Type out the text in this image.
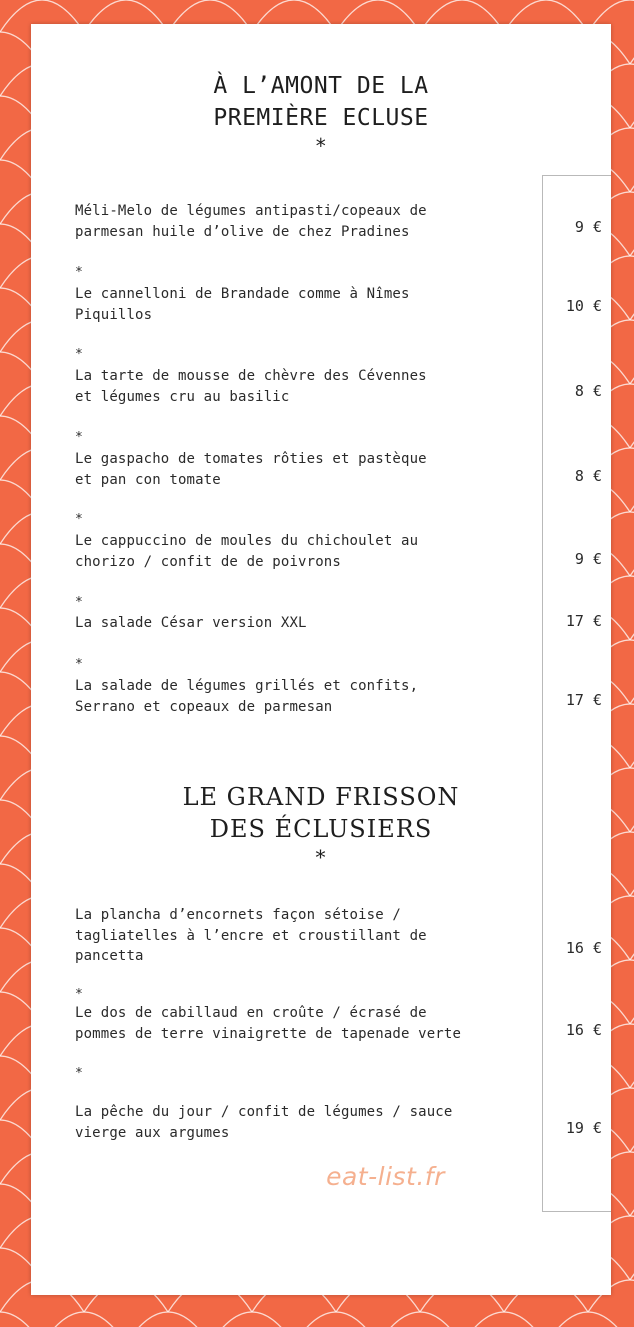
À L’AMONT DE LA
PREMIÈRE ECLUSE
*
Méli-Melo de légumes antipasti/copeaux de
parmesan huile d’olive de chez Pradines	9 €
*
Le cannelloni de Brandade comme à Nîmes
Piquillos	10 €
*
La tarte de mousse de chèvre des Cévennes
et légumes cru au basilic	8 €
*
Le gaspacho de tomates rôties et pastèque
et pan con tomate	8 €
*
Le cappuccino de moules du chichoulet au
chorizo / confit de de poivrons	9 €
*
La salade César version XXL	17 €
*
La salade de légumes grillés et confits,
Serrano et copeaux de parmesan	17 €
LE GRAND FRISSON
DES ÉCLUSIERS
*
La plancha d’encornets façon sétoise /
tagliatelles à l’encre et croustillant de
pancetta	16 €
*
Le dos de cabillaud en croûte / écrasé de
pommes de terre vinaigrette de tapenade verte	16 €
*
La pêche du jour / confit de légumes / sauce
vierge aux argumes	19 €
eat-list.fr
